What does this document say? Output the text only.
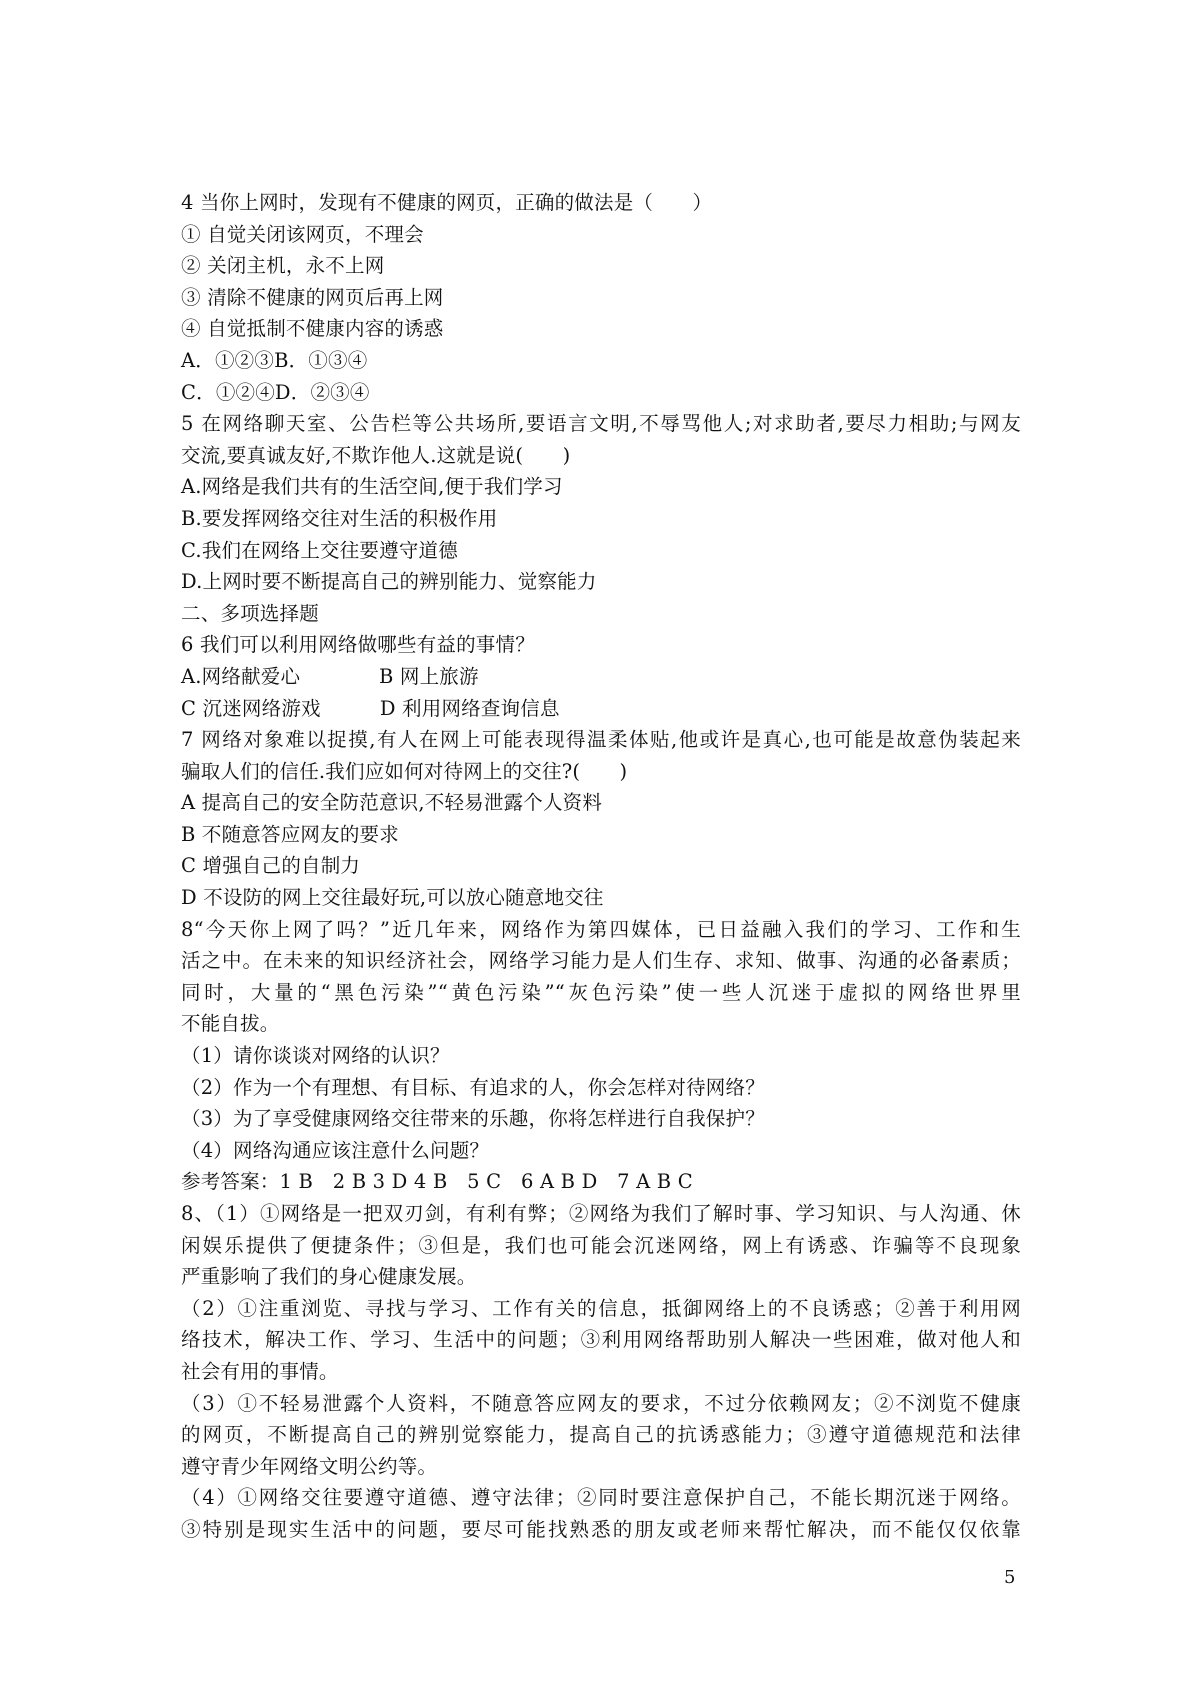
4 当你上网时，发现有不健康的网页，正确的做法是（　　）
① 自觉关闭该网页，不理会
② 关闭主机，永不上网
③ 清除不健康的网页后再上网
④ 自觉抵制不健康内容的诱惑
A．①②③B．①③④
C．①②④D．②③④
5 在网络聊天室、公告栏等公共场所,要语言文明,不辱骂他人;对求助者,要尽力相助;与网友
交流,要真诚友好,不欺诈他人.这就是说(　　)
A.网络是我们共有的生活空间,便于我们学习
B.要发挥网络交往对生活的积极作用
C.我们在网络上交往要遵守道德
D.上网时要不断提高自己的辨别能力、觉察能力
二、多项选择题
6 我们可以利用网络做哪些有益的事情？
A.网络献爱心　　　　B 网上旅游
C 沉迷网络游戏　　　D 利用网络查询信息
7 网络对象难以捉摸,有人在网上可能表现得温柔体贴,他或许是真心,也可能是故意伪装起来
骗取人们的信任.我们应如何对待网上的交往?(　　)
A 提高自己的安全防范意识,不轻易泄露个人资料
B 不随意答应网友的要求
C 增强自己的自制力
D 不设防的网上交往最好玩,可以放心随意地交往
8“今天你上网了吗？”近几年来，网络作为第四媒体，已日益融入我们的学习、工作和生
活之中。在未来的知识经济社会，网络学习能力是人们生存、求知、做事、沟通的必备素质；
同时，大量的“黑色污染”“黄色污染”“灰色污染”使一些人沉迷于虚拟的网络世界里
不能自拔。
（1）请你谈谈对网络的认识？
（2）作为一个有理想、有目标、有追求的人，你会怎样对待网络？
（3）为了享受健康网络交往带来的乐趣，你将怎样进行自我保护？
（4）网络沟通应该注意什么问题？
参考答案：1 B　2 B 3 D 4 B　5 C　6 A B D　7 A B C
8、（1）①网络是一把双刃剑，有利有弊；②网络为我们了解时事、学习知识、与人沟通、休
闲娱乐提供了便捷条件；③但是，我们也可能会沉迷网络，网上有诱惑、诈骗等不良现象
严重影响了我们的身心健康发展。
（2）①注重浏览、寻找与学习、工作有关的信息，抵御网络上的不良诱惑；②善于利用网
络技术，解决工作、学习、生活中的问题；③利用网络帮助别人解决一些困难，做对他人和
社会有用的事情。
（3）①不轻易泄露个人资料，不随意答应网友的要求，不过分依赖网友；②不浏览不健康
的网页，不断提高自己的辨别觉察能力，提高自己的抗诱惑能力；③遵守道德规范和法律
遵守青少年网络文明公约等。
（4）①网络交往要遵守道德、遵守法律；②同时要注意保护自己，不能长期沉迷于网络。
③特别是现实生活中的问题，要尽可能找熟悉的朋友或老师来帮忙解决，而不能仅仅依靠
5
